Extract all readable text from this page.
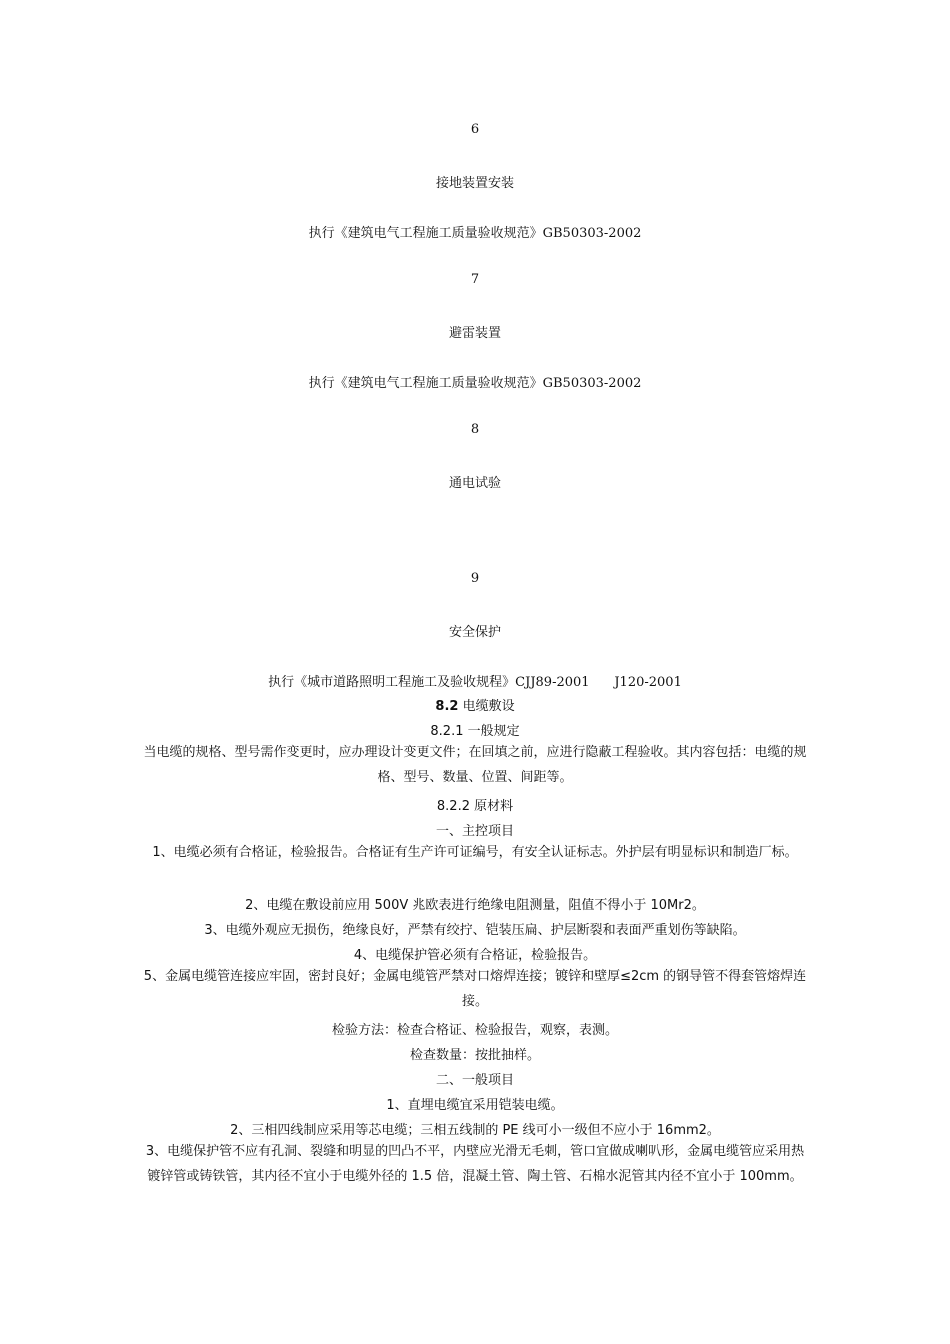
6
接地装置安装
执行《建筑电气工程施工质量验收规范》GB50303-2002
7
避雷装置
执行《建筑电气工程施工质量验收规范》GB50303-2002
8
通电试验
9
安全保护
执行《城市道路照明工程施工及验收规程》CJJ89-2001      J120-2001
8.2 电缆敷设
8.2.1 一般规定
当电缆的规格、型号需作变更时，应办理设计变更文件；在回填之前，应进行隐蔽工程验收。其内容包括：电缆的规格、型号、数量、位置、间距等。
8.2.2 原材料
一、主控项目
1、电缆必须有合格证，检验报告。合格证有生产许可证编号，有安全认证标志。外护层有明显标识和制造厂标。
2、电缆在敷设前应用 500V 兆欧表进行绝缘电阻测量，阻值不得小于 10Mr2。
3、电缆外观应无损伤，绝缘良好，严禁有绞拧、铠装压扁、护层断裂和表面严重划伤等缺陷。
4、电缆保护管必须有合格证，检验报告。
5、金属电缆管连接应牢固，密封良好；金属电缆管严禁对口熔焊连接；镀锌和壁厚≤2cm 的钢导管不得套管熔焊连接。
检验方法：检查合格证、检验报告，观察，表测。
检查数量：按批抽样。
二、一般项目
1、直埋电缆宜采用铠装电缆。
2、三相四线制应采用等芯电缆；三相五线制的 PE 线可小一级但不应小于 16mm2。
3、电缆保护管不应有孔洞、裂缝和明显的凹凸不平，内壁应光滑无毛刺，管口宜做成喇叭形，金属电缆管应采用热镀锌管或铸铁管，其内径不宜小于电缆外径的 1.5 倍，混凝土管、陶土管、石棉水泥管其内径不宜小于 100mm。
